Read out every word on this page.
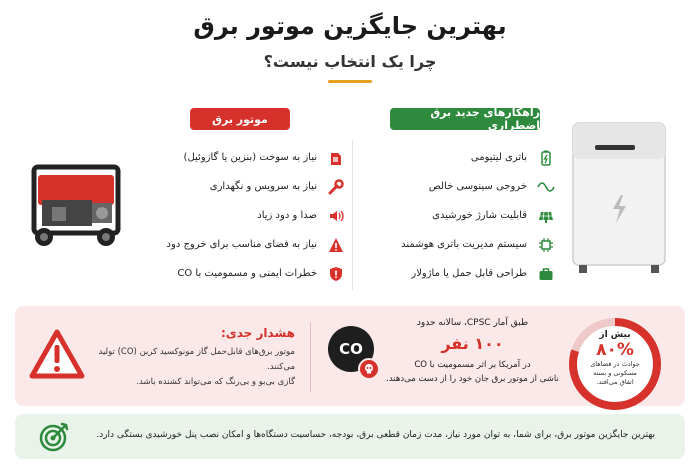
بهترین جایگزین موتور برق
چرا یک انتخاب نیست؟
موتور برق	راهکارهای جدید برق اضطراری
نیاز به سوخت (بنزین یا گازوئیل)
نیاز به سرویس و نگهداری
صدا و دود زیاد
نیاز به فضای مناسب برای خروج دود
خطرات ایمنی و مسمومیت با CO
باتری لیتیومی
خروجی سینوسی خالص
قابلیت شارژ خورشیدی
سیستم مدیریت باتری هوشمند
طراحی قابل حمل یا ماژولار
هشدار جدی:
موتور برق‌های قابل‌حمل گاز مونوکسید کربن (CO) تولید می‌کنند.
گازی بی‌بو و بی‌رنگ که می‌تواند کشنده باشد.
CO
طبق آمار CPSC، سالانه حدود
۱۰۰ نفر
در آمریکا بر اثر مسمومیت با CO
ناشی از موتور برق جان خود را از دست می‌دهند.
بیش از
۸۰%
جوادث در فضاهای
مسکونی و بسته
اتفاق می‌افتد.
بهترین جایگزین موتور برق، برای شما، به توان مورد نیاز، مدت زمان قطعی برق، بودجه، حساسیت دستگاه‌ها و امکان نصب پنل خورشیدی بستگی دارد.
